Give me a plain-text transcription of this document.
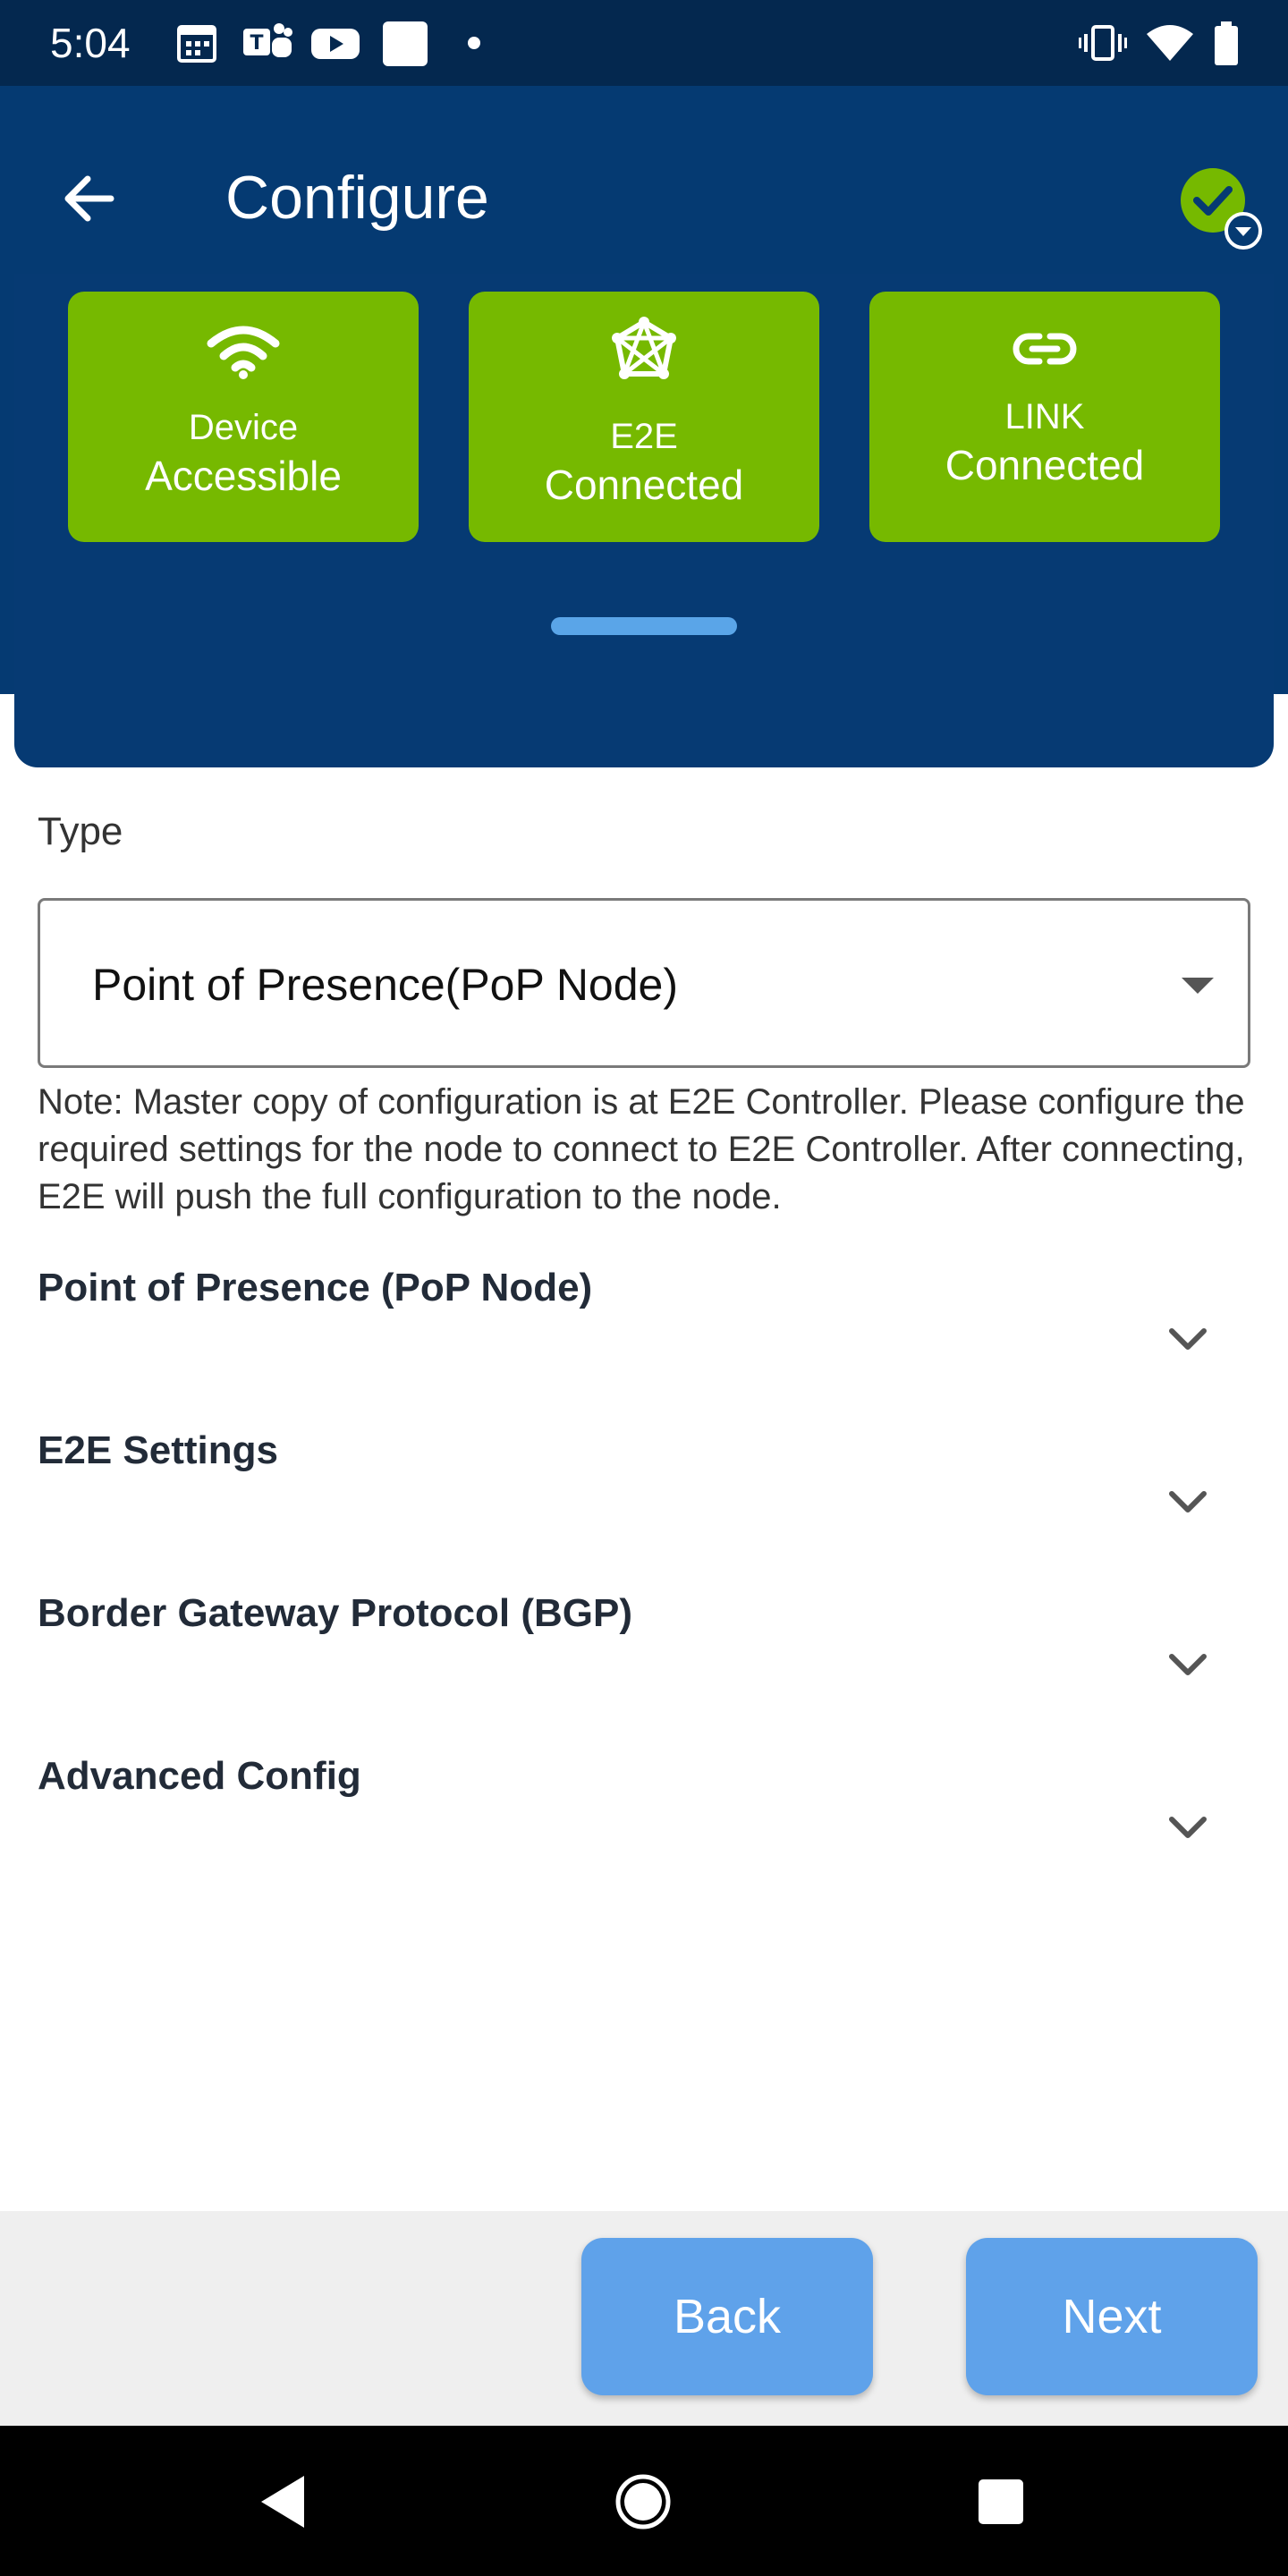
5:04	T
Configure
Device
Accessible
E2E
Connected
LINK
Connected
Type
Point of Presence(PoP Node)

Note: Master copy of configuration is at E2E Controller. Please configure the required settings for the node to connect to E2E Controller. After connecting, E2E will push the full configuration to the node.

Point of Presence (PoP Node)
E2E Settings
Border Gateway Protocol (BGP)
Advanced Config
Back	Next
